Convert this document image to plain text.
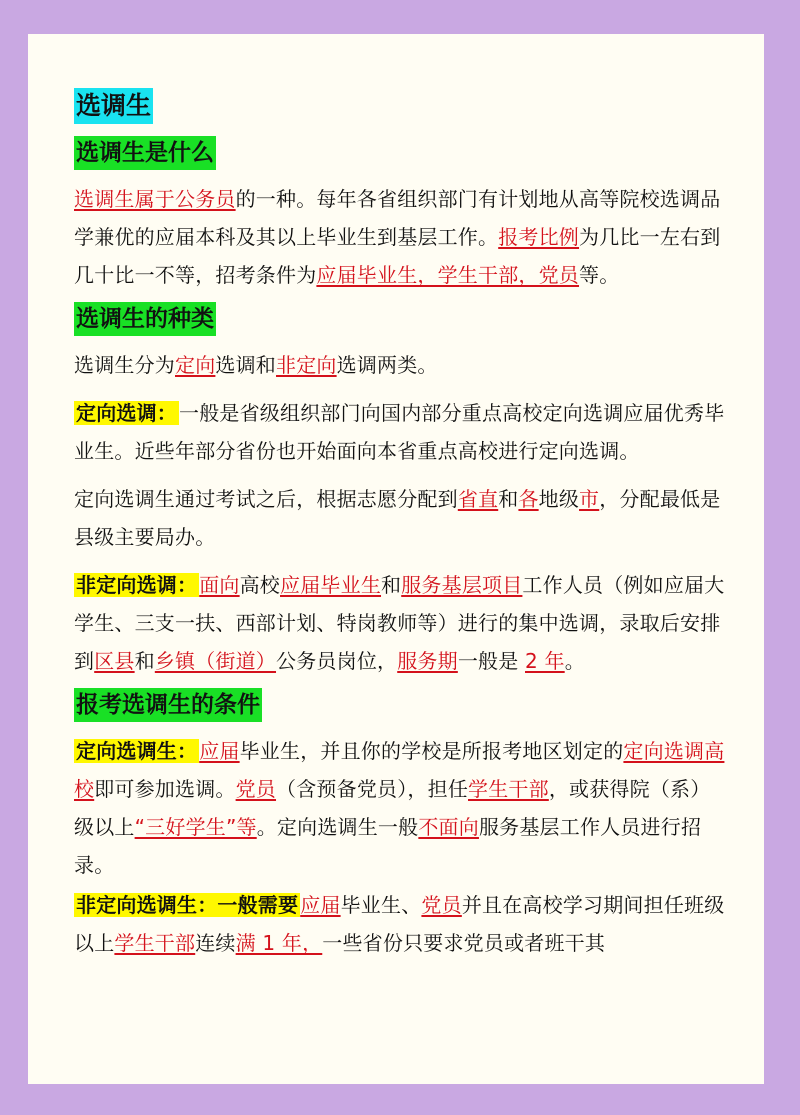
选调生
选调生是什么

选调生属于公务员的一种。每年各省组织部门有计划地从高等院校选调品学兼优的应届本科及其以上毕业生到基层工作。报考比例为几比一左右到几十比一不等，招考条件为应届毕业生，学生干部，党员等。

选调生的种类

选调生分为定向选调和非定向选调两类。

定向选调： 一般是省级组织部门向国内部分重点高校定向选调应届优秀毕业生。近些年部分省份也开始面向本省重点高校进行定向选调。

定向选调生通过考试之后，根据志愿分配到省直和各地级市，分配最低是县级主要局办。

非定向选调： 面向高校应届毕业生和服务基层项目工作人员（例如应届大学生、三支一扶、西部计划、特岗教师等）进行的集中选调，录取后安排到区县和乡镇（街道）公务员岗位，服务期一般是 2 年。

报考选调生的条件

定向选调生： 应届毕业生，并且你的学校是所报考地区划定的定向选调高校即可参加选调。党员（含预备党员），担任学生干部，或获得院（系）级以上“三好学生”等。定向选调生一般不面向服务基层工作人员进行招录。

非定向选调生：一般需要 应届毕业生、党员并且在高校学习期间担任班级以上学生干部连续满 1 年，一些省份只要求党员或者班干其
